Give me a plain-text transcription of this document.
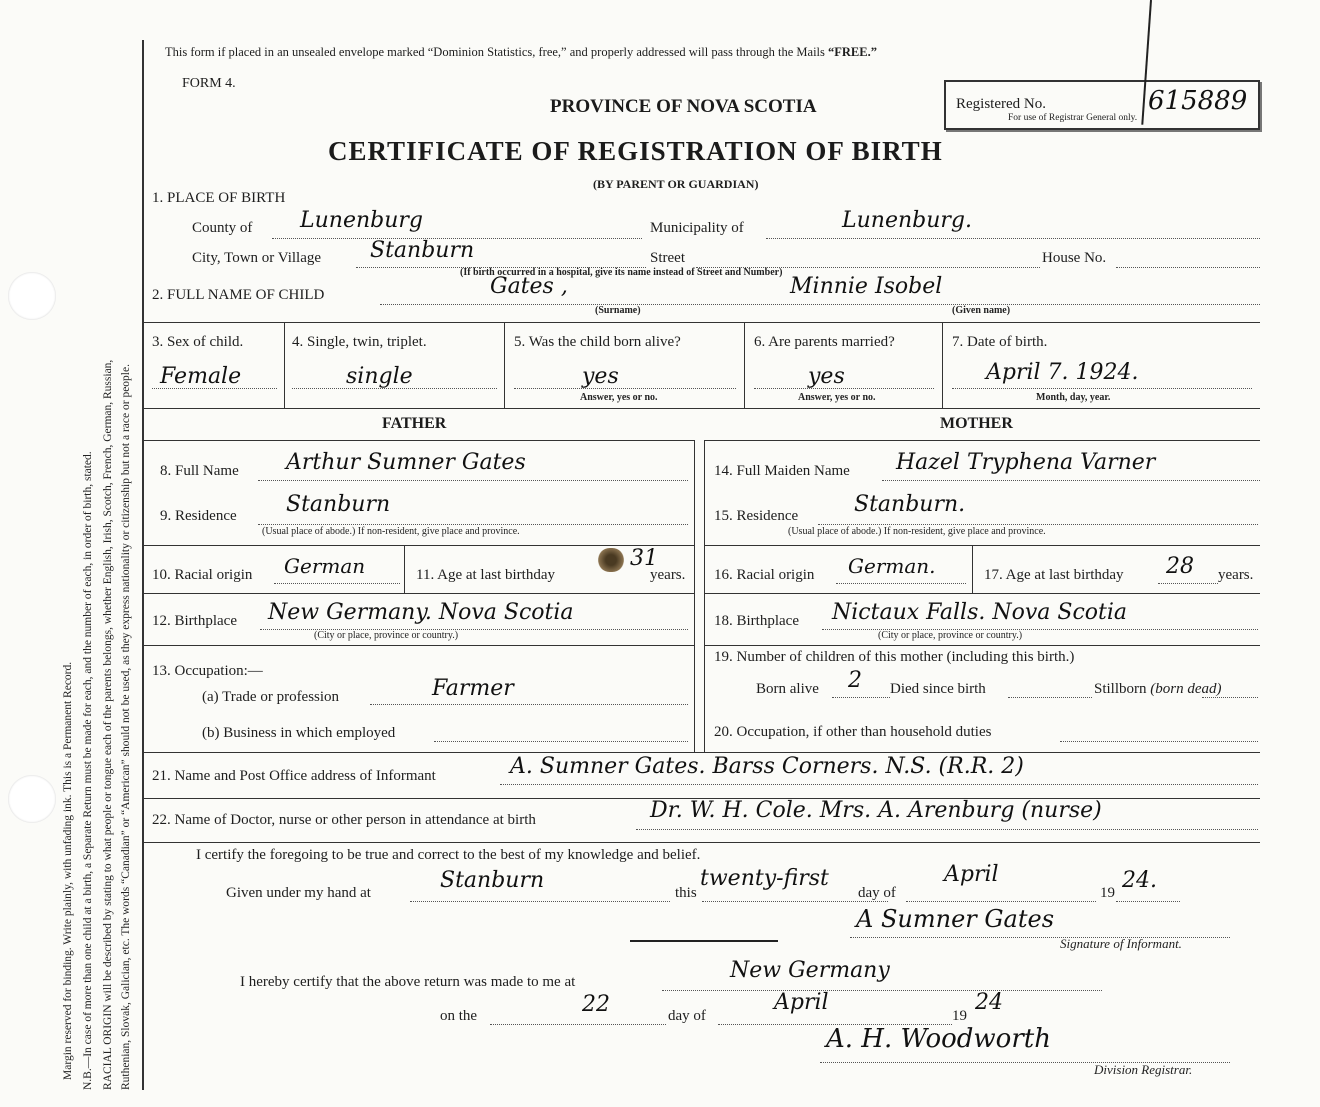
Margin reserved for binding. Write plainly, with unfading ink. This is a Permanent Record. N.B.—In case of more than one child at a birth, a Separate Return must be made for each, and the number of each, in order of birth, stated. RACIAL ORIGIN will be described by stating to what people or tongue each of the parents belongs, whether English, Irish, Scotch, French, German, Russian, Ruthenian, Slovak, Galician, etc. The words “Canadian” or “American” should not be used, as they express nationality or citizenship but not a race or people.
This form if placed in an unsealed envelope marked “Dominion Statistics, free,” and properly addressed will pass through the Mails “FREE.”
FORM 4.
PROVINCE OF NOVA SCOTIA
CERTIFICATE OF REGISTRATION OF BIRTH
(BY PARENT OR GUARDIAN)
Registered No.	615889
For use of Registrar General only.
1. PLACE OF BIRTH
County of Lunenburg	Municipality of	Lunenburg.
City, Town or Village Stanburn	Street	House No.
(If birth occurred in a hospital, give its name instead of Street and Number)
2. FULL NAME OF CHILD	Gates ,	Minnie Isobel
(Surname)	(Given name)
3. Sex of child.
Female
4. Single, twin, triplet.
single
5. Was the child born alive?
yes
Answer, yes or no.
6. Are parents married?
yes
Answer, yes or no.
7. Date of birth.
April 7. 1924.
Month, day, year.
FATHER	MOTHER
8. Full Name Arthur Sumner Gates
9. Residence Stanburn
(Usual place of abode.) If non-resident, give place and province.
10. Racial origin German	11. Age at last birthday
31
years.
12. Birthplace New Germany. Nova Scotia
(City or place, province or country.)
13. Occupation:—
(a) Trade or profession	Farmer
(b) Business in which employed
14. Full Maiden Name Hazel Tryphena Varner
15. Residence	Stanburn.
(Usual place of abode.) If non-resident, give place and province.
16. Racial origin German.	17. Age at last birthday 28 years.
18. Birthplace Nictaux Falls. Nova Scotia
(City or place, province or country.)
19. Number of children of this mother (including this birth.)
Born alive 2 Died since birth	Stillborn (born dead)
20. Occupation, if other than household duties
21. Name and Post Office address of Informant	A. Sumner Gates. Barss Corners. N.S. (R.R. 2)
22. Name of Doctor, nurse or other person in attendance at birth	Dr. W. H. Cole. Mrs. A. Arenburg (nurse)
I certify the foregoing to be true and correct to the best of my knowledge and belief.
Given under my hand at	Stanburn	this
twenty-first
day of
April
19 24.
A Sumner Gates
Signature of Informant.
I hereby certify that the above return was made to me at	New Germany
on the	22	day of
April
19
24
A. H. Woodworth
Division Registrar.
